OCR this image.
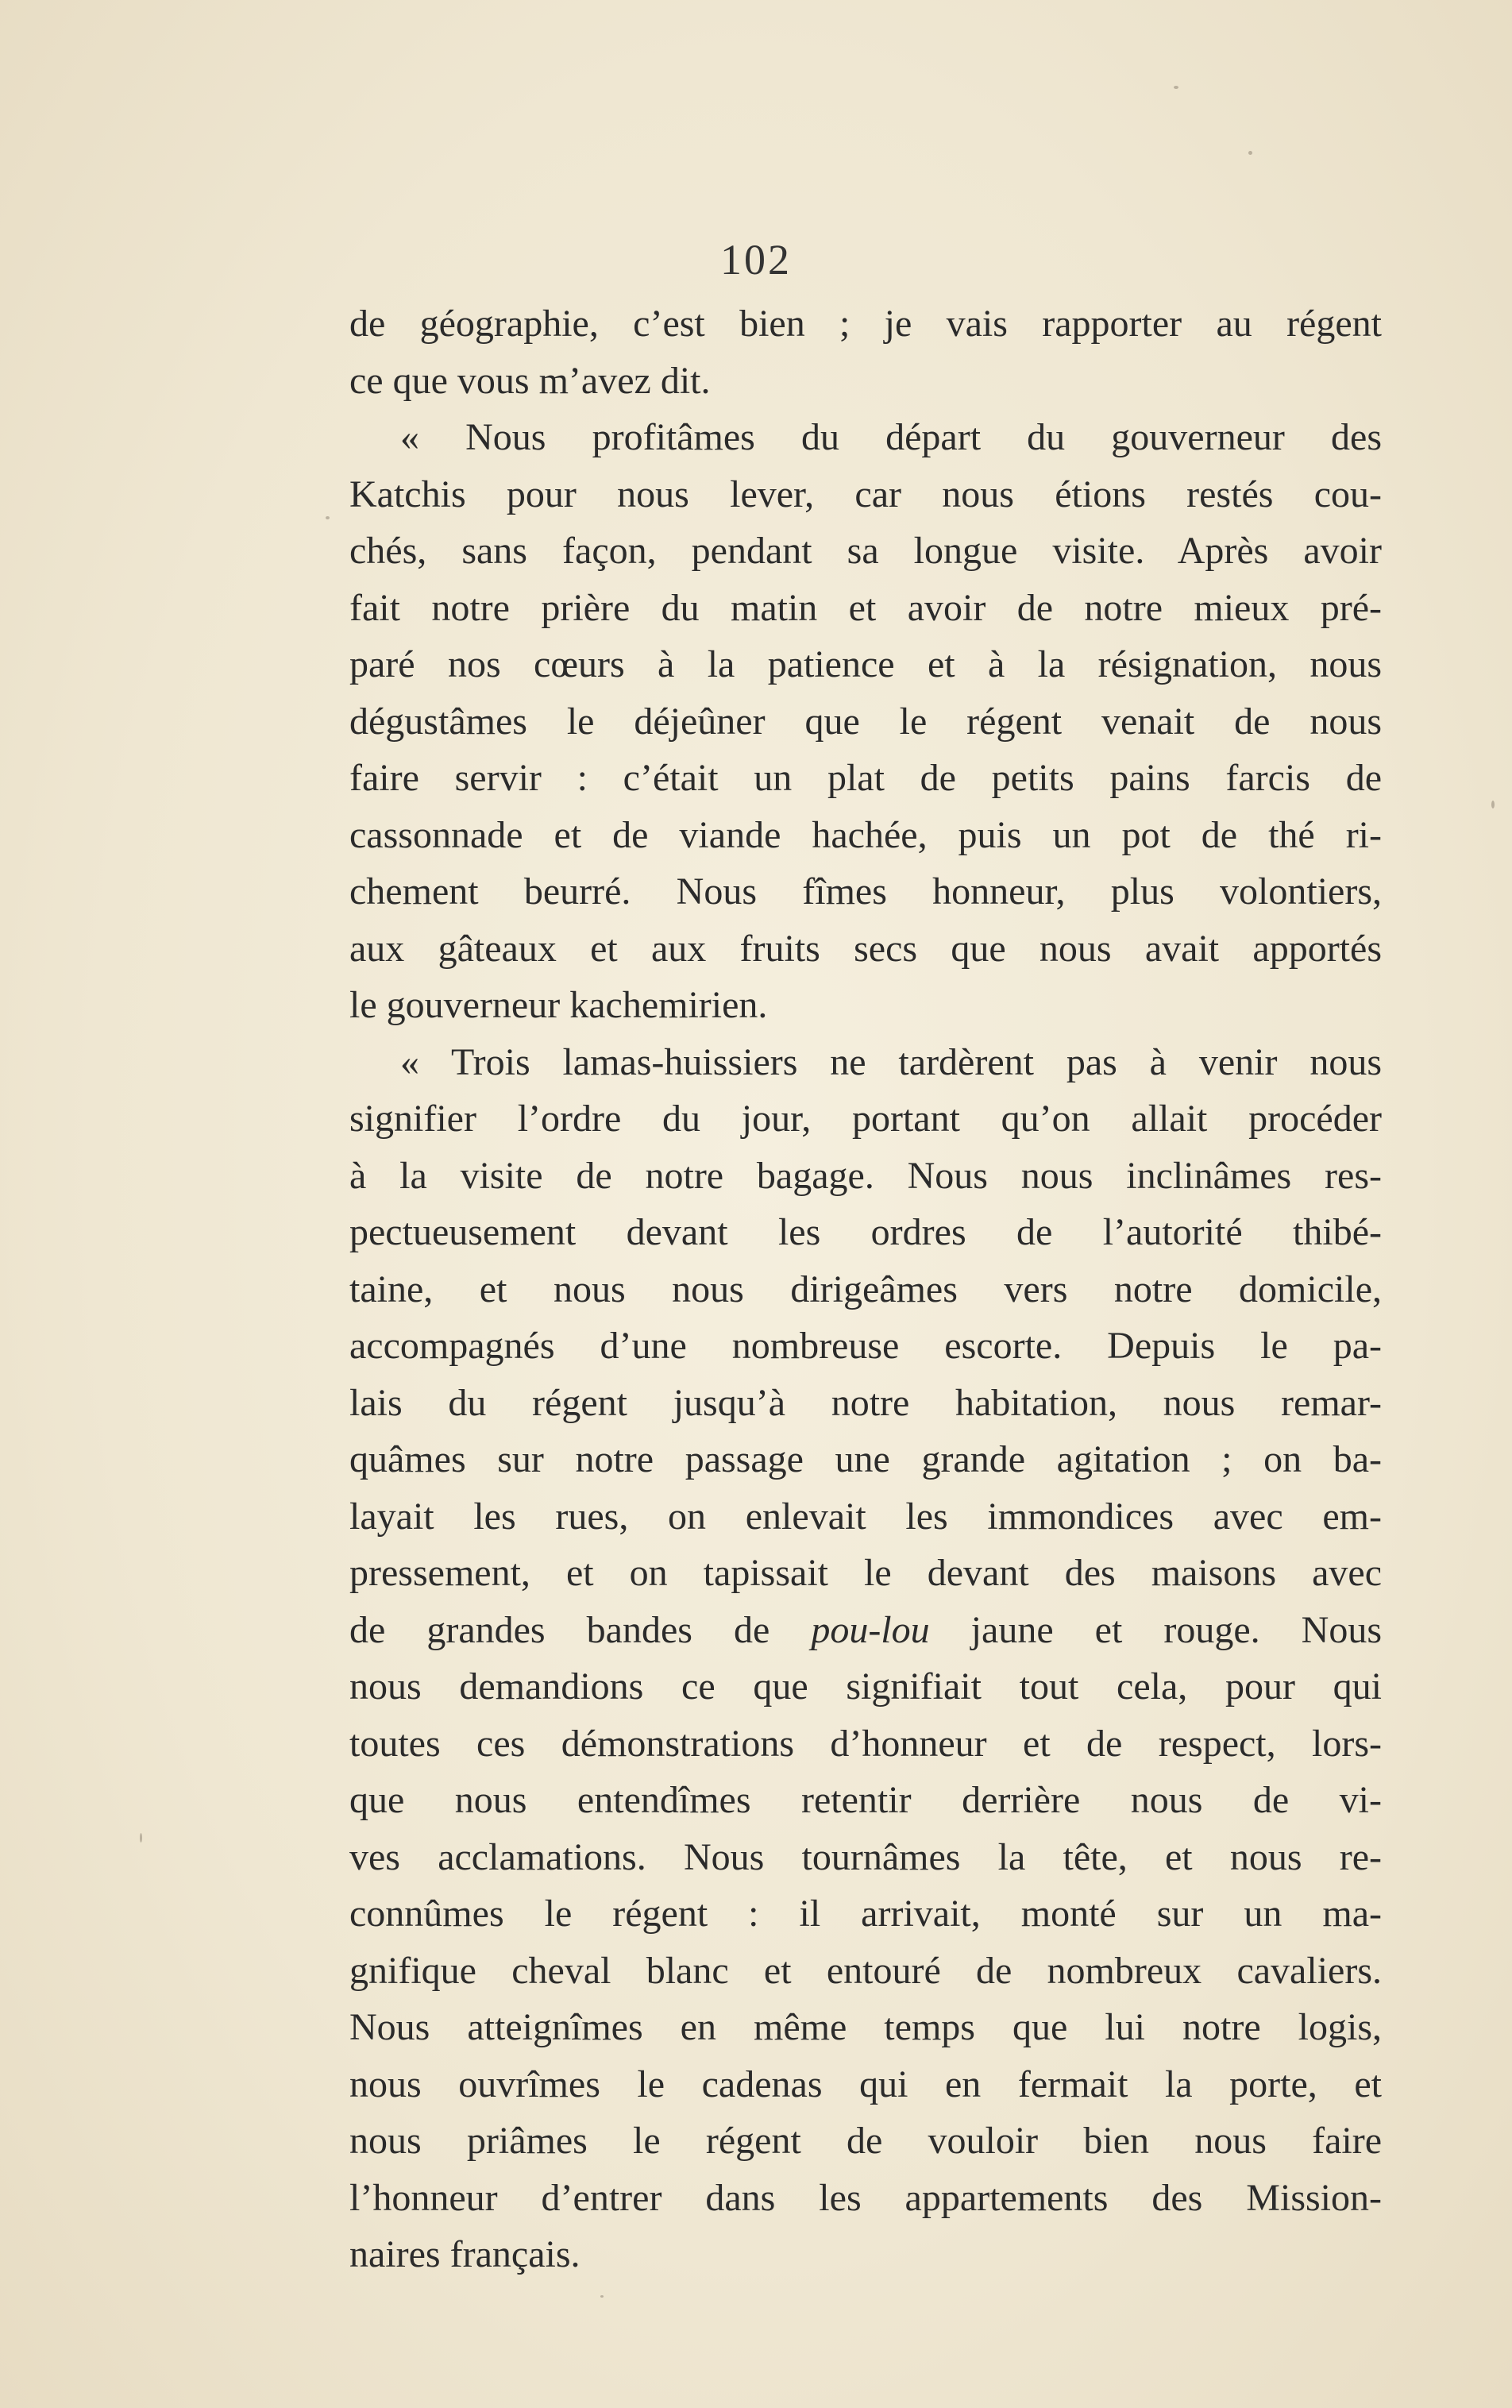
102

de géographie, c’est bien ; je vais rapporter au régent
ce que vous m’avez dit.
« Nous profitâmes du départ du gouverneur des
Katchis pour nous lever, car nous étions restés cou-
chés, sans façon, pendant sa longue visite. Après avoir
fait notre prière du matin et avoir de notre mieux pré-
paré nos cœurs à la patience et à la résignation, nous
dégustâmes le déjeûner que le régent venait de nous
faire servir : c’était un plat de petits pains farcis de
cassonnade et de viande hachée, puis un pot de thé ri-
chement beurré. Nous fîmes honneur, plus volontiers,
aux gâteaux et aux fruits secs que nous avait apportés
le gouverneur kachemirien.
« Trois lamas-huissiers ne tardèrent pas à venir nous
signifier l’ordre du jour, portant qu’on allait procéder
à la visite de notre bagage. Nous nous inclinâmes res-
pectueusement devant les ordres de l’autorité thibé-
taine, et nous nous dirigeâmes vers notre domicile,
accompagnés d’une nombreuse escorte. Depuis le pa-
lais du régent jusqu’à notre habitation, nous remar-
quâmes sur notre passage une grande agitation ; on ba-
layait les rues, on enlevait les immondices avec em-
pressement, et on tapissait le devant des maisons avec
de grandes bandes de pou-lou jaune et rouge. Nous
nous demandions ce que signifiait tout cela, pour qui
toutes ces démonstrations d’honneur et de respect, lors-
que nous entendîmes retentir derrière nous de vi-
ves acclamations. Nous tournâmes la tête, et nous re-
connûmes le régent : il arrivait, monté sur un ma-
gnifique cheval blanc et entouré de nombreux cavaliers.
Nous atteignîmes en même temps que lui notre logis,
nous ouvrîmes le cadenas qui en fermait la porte, et
nous priâmes le régent de vouloir bien nous faire
l’honneur d’entrer dans les appartements des Mission-
naires français.
